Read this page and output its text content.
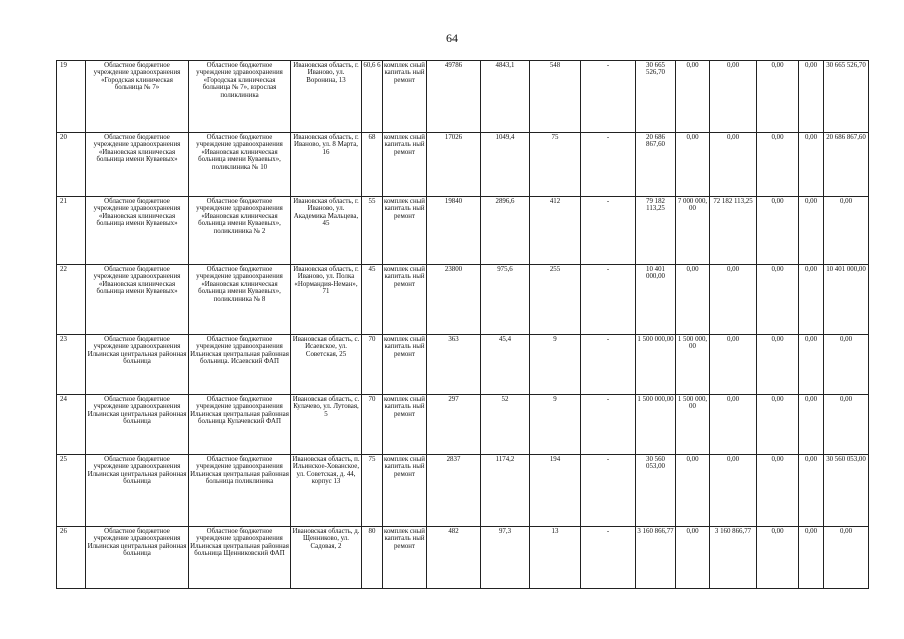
64
19	Областное бюджетное учреждение здравоохранения «Городская клиническая больница № 7»	Областное бюджетное учреждение здравоохранения «Городская клиническая больница № 7», взрослая поликлиника	Ивановская область, г. Иваново, ул. Воронина, 13	60,6 6	комплек сный капиталь ный ремонт	49786	4843,1	548	-	30 665 526,70	0,00	0,00	0,00	0,00	30 665 526,70
20	Областное бюджетное учреждение здравоохранения «Ивановская клиническая больница имени Куваевых»	Областное бюджетное учреждение здравоохранения «Ивановская клиническая больница имени Куваевых», поликлиника № 10	Ивановская область, г. Иваново, ул. 8 Марта, 16	68	комплек сный капиталь ный ремонт	17026	1049,4	75	-	20 686 867,60	0,00	0,00	0,00	0,00	20 686 867,60
21	Областное бюджетное учреждение здравоохранения «Ивановская клиническая больница имени Куваевых»	Областное бюджетное учреждение здравоохранения «Ивановская клиническая больница имени Куваевых», поликлиника № 2	Ивановская область, г. Иваново, ул. Академика Мальцева, 45	55	комплек сный капиталь ный ремонт	19840	2896,6	412	-	79 182 113,25	7 000 000, 00	72 182 113,25	0,00	0,00	0,00
22	Областное бюджетное учреждение здравоохранения «Ивановская клиническая больница имени Куваевых»	Областное бюджетное учреждение здравоохранения «Ивановская клиническая больница имени Куваевых», поликлиника № 8	Ивановская область, г. Иваново, ул. Полка «Нормандия-Неман», 71	45	комплек сный капиталь ный ремонт	23800	975,6	255	-	10 401 000,00	0,00	0,00	0,00	0,00	10 401 000,00
23	Областное бюджетное учреждение здравоохранения Ильинская центральная районная больница	Областное бюджетное учреждение здравоохранения Ильинская центральная районная больница. Исаевский ФАП	Ивановская область, с. Исаевское, ул. Советская, 25	70	комплек сный капиталь ный ремонт	363	45,4	9	-	1 500 000,00	1 500 000, 00	0,00	0,00	0,00	0,00
24	Областное бюджетное учреждение здравоохранения Ильинская центральная районная больница	Областное бюджетное учреждение здравоохранения Ильинская центральная районная больница Кулачевский ФАП	Ивановская область, с. Кулачево, ул. Лутовая, 5	70	комплек сный капиталь ный ремонт	297	52	9	-	1 500 000,00	1 500 000, 00	0,00	0,00	0,00	0,00
25	Областное бюджетное учреждение здравоохранения Ильинская центральная районная больница	Областное бюджетное учреждение здравоохранения Ильинская центральная районная больница поликлиника	Ивановская область, п. Ильинское-Хованское, ул. Советская, д. 44, корпус 13	75	комплек сный капиталь ный ремонт	2837	1174,2	194	-	30 560 053,00	0,00	0,00	0,00	0,00	30 560 053,00
26	Областное бюджетное учреждение здравоохранения Ильинская центральная районная больница	Областное бюджетное учреждение здравоохранения Ильинская центральная районная больница Щенниковский ФАП	Ивановская область, д. Щенниково, ул. Садовая, 2	80	комплек сный капиталь ный ремонт	482	97,3	13	-	3 160 866,77	0,00	3 160 866,77	0,00	0,00	0,00
